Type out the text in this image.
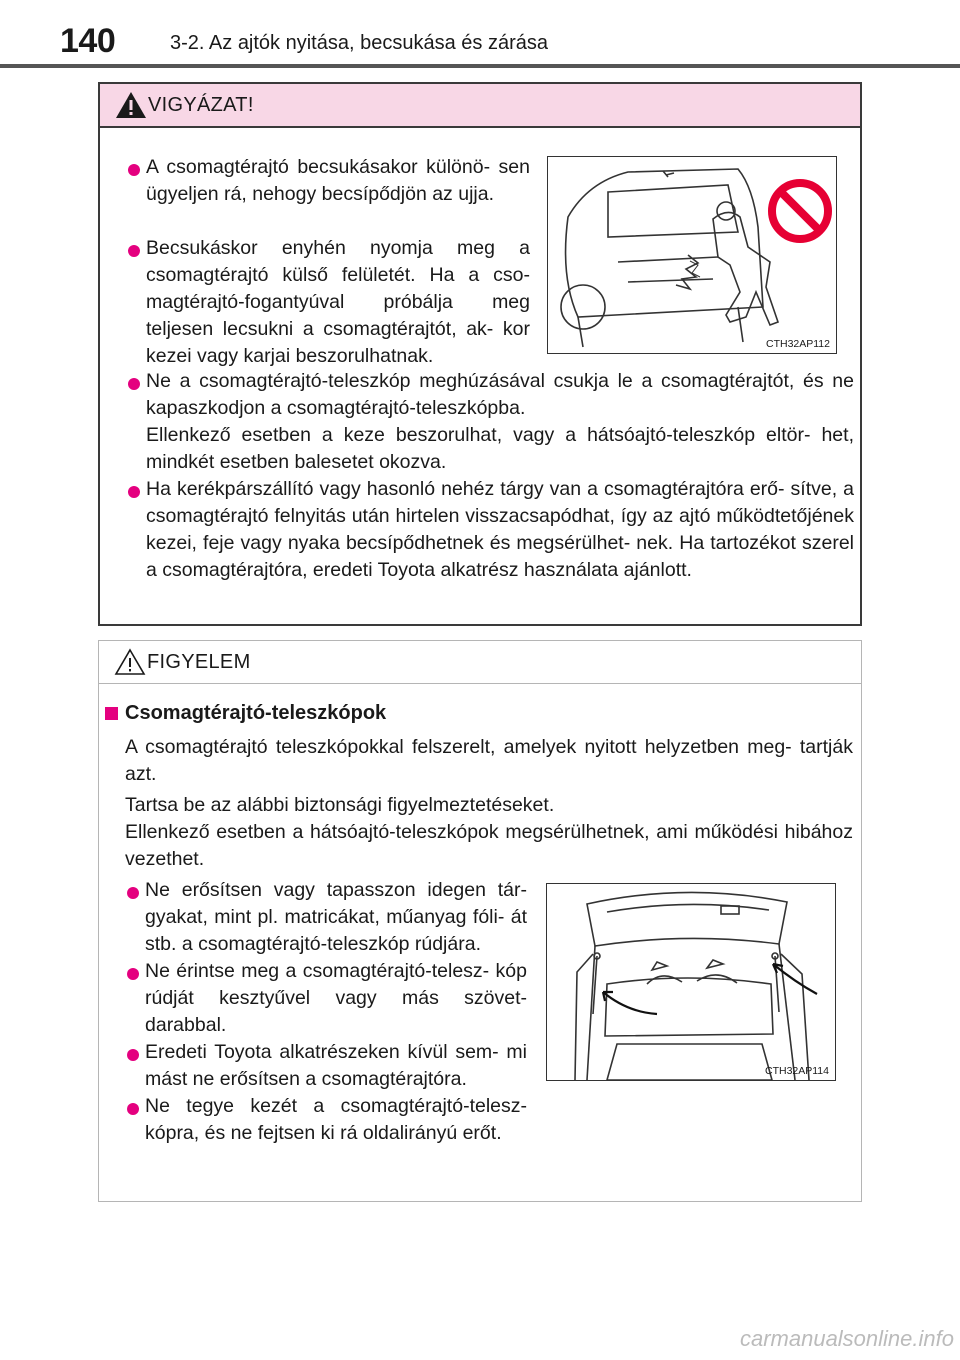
140	3-2. Az ajtók nyitása, becsukása és zárása
VIGYÁZAT!
A csomagtérajtó becsukásakor különö- sen ügyeljen rá, nehogy becsípődjön az ujja.
Becsukáskor enyhén nyomja meg a csomagtérajtó külső felületét. Ha a cso- magtérajtó-fogantyúval próbálja meg teljesen lecsukni a csomagtérajtót, ak- kor kezei vagy karjai beszorulhatnak.
CTH32AP112
Ne a csomagtérajtó-teleszkóp meghúzásával csukja le a csomagtérajtót, és ne kapaszkodjon a csomagtérajtó-teleszkópba.
Ellenkező esetben a keze beszorulhat, vagy a hátsóajtó-teleszkóp eltör- het, mindkét esetben balesetet okozva.
Ha kerékpárszállító vagy hasonló nehéz tárgy van a csomagtérajtóra erő- sítve, a csomagtérajtó felnyitás után hirtelen visszacsapódhat, így az ajtó működtetőjének kezei, feje vagy nyaka becsípődhetnek és megsérülhet- nek. Ha tartozékot szerel a csomagtérajtóra, eredeti Toyota alkatrész használata ajánlott.
FIGYELEM
Csomagtérajtó-teleszkópok
A csomagtérajtó teleszkópokkal felszerelt, amelyek nyitott helyzetben meg- tartják azt.
Tartsa be az alábbi biztonsági figyelmeztetéseket.
Ellenkező esetben a hátsóajtó-teleszkópok megsérülhetnek, ami működési hibához vezethet.
Ne erősítsen vagy tapasszon idegen tár- gyakat, mint pl. matricákat, műanyag fóli- át stb. a csomagtérajtó-teleszkóp rúdjára.
Ne érintse meg a csomagtérajtó-telesz- kóp rúdját kesztyűvel vagy más szövet- darabbal.
Eredeti Toyota alkatrészeken kívül sem- mi mást ne erősítsen a csomagtérajtóra.
Ne tegye kezét a csomagtérajtó-telesz- kópra, és ne fejtsen ki rá oldalirányú erőt.
CTH32AP114
carmanualsonline.info
